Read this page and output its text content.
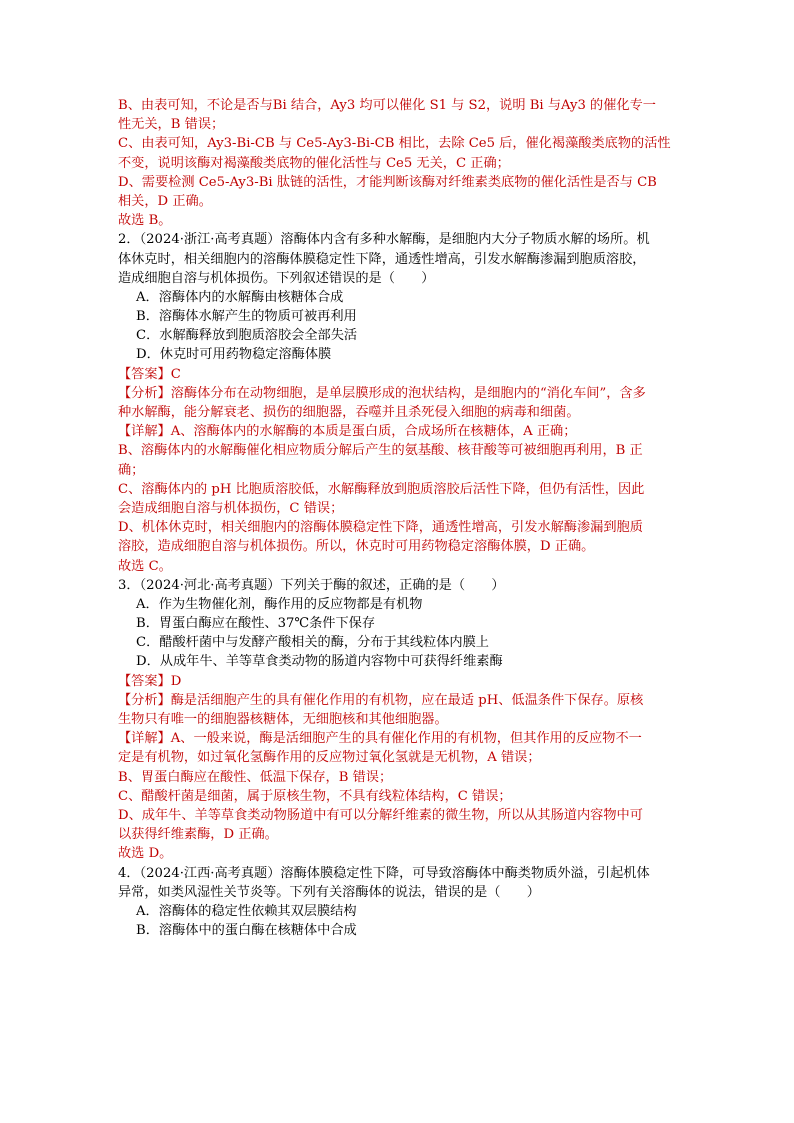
B、由表可知，不论是否与Bi 结合，Ay3 均可以催化 S1 与 S2，说明 Bi 与Ay3 的催化专一
性无关，B 错误；
C、由表可知，Ay3-Bi-CB 与 Ce5-Ay3-Bi-CB 相比，去除 Ce5 后，催化褐藻酸类底物的活性
不变，说明该酶对褐藻酸类底物的催化活性与 Ce5 无关，C 正确；
D、需要检测 Ce5-Ay3-Bi 肽链的活性，才能判断该酶对纤维素类底物的催化活性是否与 CB
相关，D 正确。
故选 B。
2．（2024·浙江·高考真题）溶酶体内含有多种水解酶，是细胞内大分子物质水解的场所。机
体休克时，相关细胞内的溶酶体膜稳定性下降，通透性增高，引发水解酶渗漏到胞质溶胶，
造成细胞自溶与机体损伤。下列叙述错误的是（　　）
A．溶酶体内的水解酶由核糖体合成
B．溶酶体水解产生的物质可被再利用
C．水解酶释放到胞质溶胶会全部失活
D．休克时可用药物稳定溶酶体膜
【答案】C
【分析】溶酶体分布在动物细胞，是单层膜形成的泡状结构，是细胞内的“消化车间”，含多
种水解酶，能分解衰老、损伤的细胞器，吞噬并且杀死侵入细胞的病毒和细菌。
【详解】A、溶酶体内的水解酶的本质是蛋白质，合成场所在核糖体，A 正确；
B、溶酶体内的水解酶催化相应物质分解后产生的氨基酸、核苷酸等可被细胞再利用，B 正
确；
C、溶酶体内的 pH 比胞质溶胶低，水解酶释放到胞质溶胶后活性下降，但仍有活性，因此
会造成细胞自溶与机体损伤，C 错误；
D、机体休克时，相关细胞内的溶酶体膜稳定性下降，通透性增高，引发水解酶渗漏到胞质
溶胶，造成细胞自溶与机体损伤。所以，休克时可用药物稳定溶酶体膜，D 正确。
故选 C。
3．（2024·河北·高考真题）下列关于酶的叙述，正确的是（　　）
A．作为生物催化剂，酶作用的反应物都是有机物
B．胃蛋白酶应在酸性、37℃条件下保存
C．醋酸杆菌中与发酵产酸相关的酶，分布于其线粒体内膜上
D．从成年牛、羊等草食类动物的肠道内容物中可获得纤维素酶
【答案】D
【分析】酶是活细胞产生的具有催化作用的有机物，应在最适 pH、低温条件下保存。原核
生物只有唯一的细胞器核糖体，无细胞核和其他细胞器。
【详解】A、一般来说，酶是活细胞产生的具有催化作用的有机物，但其作用的反应物不一
定是有机物，如过氧化氢酶作用的反应物过氧化氢就是无机物，A 错误；
B、胃蛋白酶应在酸性、低温下保存，B 错误；
C、醋酸杆菌是细菌，属于原核生物，不具有线粒体结构，C 错误；
D、成年牛、羊等草食类动物肠道中有可以分解纤维素的微生物，所以从其肠道内容物中可
以获得纤维素酶，D 正确。
故选 D。
4．（2024·江西·高考真题）溶酶体膜稳定性下降，可导致溶酶体中酶类物质外溢，引起机体
异常，如类风湿性关节炎等。下列有关溶酶体的说法，错误的是（　　）
A．溶酶体的稳定性依赖其双层膜结构
B．溶酶体中的蛋白酶在核糖体中合成
